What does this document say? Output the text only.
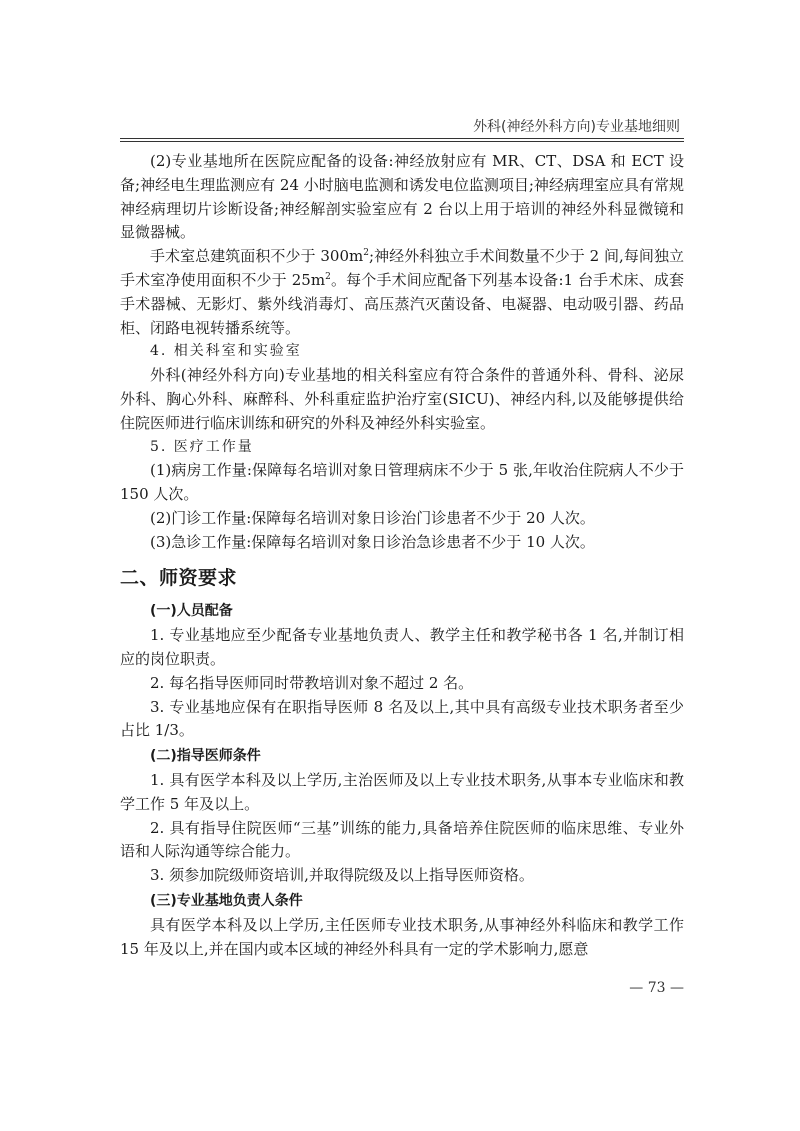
外科(神经外科方向)专业基地细则

(2)专业基地所在医院应配备的设备:神经放射应有 MR、CT、DSA 和 ECT 设备;神经电生理监测应有 24 小时脑电监测和诱发电位监测项目;神经病理室应具有常规神经病理切片诊断设备;神经解剖实验室应有 2 台以上用于培训的神经外科显微镜和显微器械。

手术室总建筑面积不少于 $300m^2$;神经外科独立手术间数量不少于 2 间,每间独立手术室净使用面积不少于 $25m^2$。每个手术间应配备下列基本设备:1 台手术床、成套手术器械、无影灯、紫外线消毒灯、高压蒸汽灭菌设备、电凝器、电动吸引器、药品柜、闭路电视转播系统等。

4. 相关科室和实验室

外科(神经外科方向)专业基地的相关科室应有符合条件的普通外科、骨科、泌尿外科、胸心外科、麻醉科、外科重症监护治疗室(SICU)、神经内科,以及能够提供给住院医师进行临床训练和研究的外科及神经外科实验室。

5. 医疗工作量

(1)病房工作量:保障每名培训对象日管理病床不少于 5 张,年收治住院病人不少于 150 人次。

(2)门诊工作量:保障每名培训对象日诊治门诊患者不少于 20 人次。

(3)急诊工作量:保障每名培训对象日诊治急诊患者不少于 10 人次。

二、师资要求

(一)人员配备

1. 专业基地应至少配备专业基地负责人、教学主任和教学秘书各 1 名,并制订相应的岗位职责。

2. 每名指导医师同时带教培训对象不超过 2 名。

3. 专业基地应保有在职指导医师 8 名及以上,其中具有高级专业技术职务者至少占比 1/3。

(二)指导医师条件

1. 具有医学本科及以上学历,主治医师及以上专业技术职务,从事本专业临床和教学工作 5 年及以上。

2. 具有指导住院医师“三基”训练的能力,具备培养住院医师的临床思维、专业外语和人际沟通等综合能力。

3. 须参加院级师资培训,并取得院级及以上指导医师资格。

(三)专业基地负责人条件

具有医学本科及以上学历,主任医师专业技术职务,从事神经外科临床和教学工作 15 年及以上,并在国内或本区域的神经外科具有一定的学术影响力,愿意

— 73 —
